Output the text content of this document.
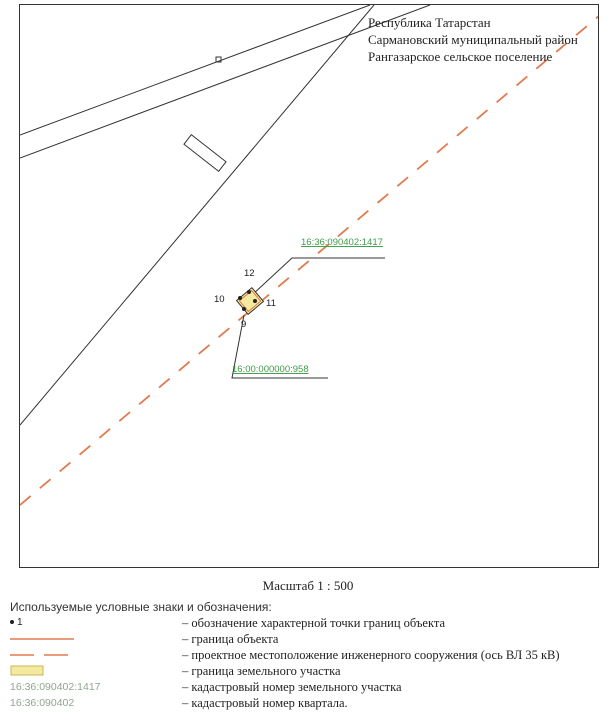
12
10	11
9
16:36:090402:1417
16:00:000000:958
Республика Татарстан
Сармановский муниципальный район
Рангазарское сельское поселение
Масштаб 1 : 500
Используемые условные знаки и обозначения:
1	– обозначение характерной точки границ объекта
– граница объекта
– проектное местоположение инженерного сооружения (ось ВЛ 35 кВ)
– граница земельного участка
16:36:090402:1417	– кадастровый номер земельного участка
16:36:090402	– кадастровый номер квартала.
